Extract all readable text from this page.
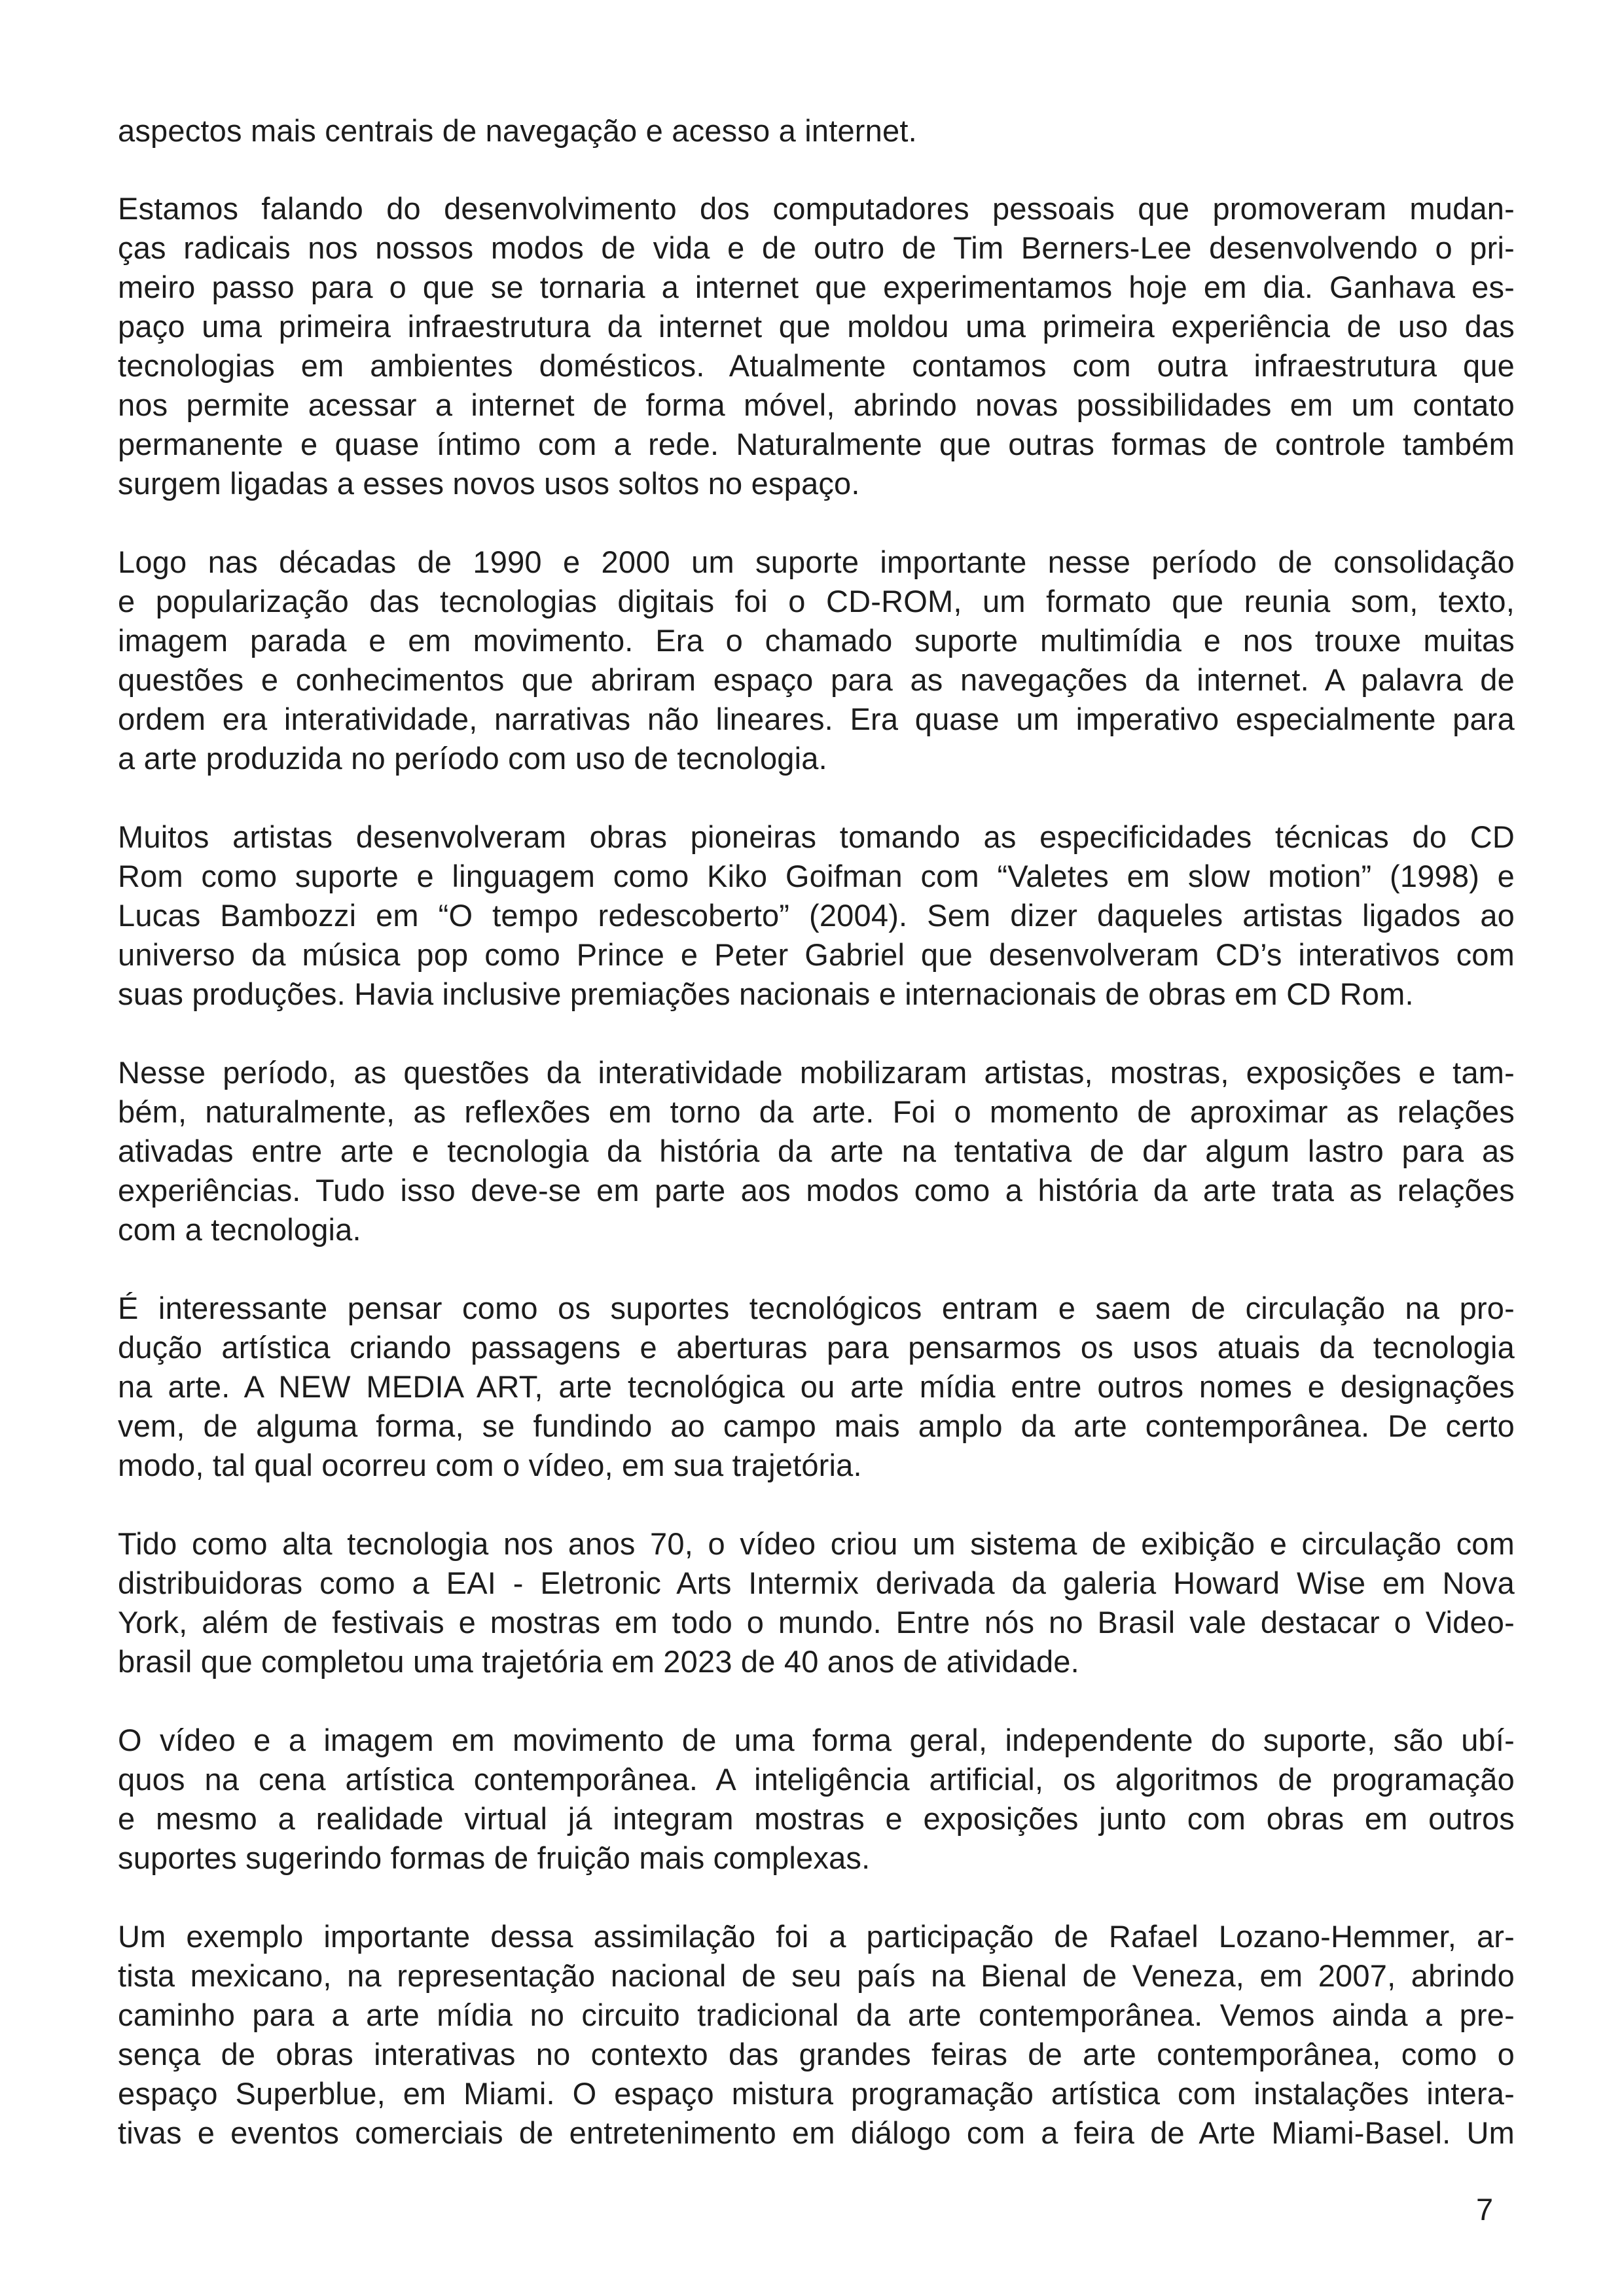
aspectos mais centrais de navegação e acesso a internet.
Estamos falando do desenvolvimento dos computadores pessoais que promoveram mudan-
ças radicais nos nossos modos de vida e de outro de Tim Berners-Lee desenvolvendo o pri-
meiro passo para o que se tornaria a internet que experimentamos hoje em dia. Ganhava es-
paço uma primeira infraestrutura da internet que moldou uma primeira experiência de uso das
tecnologias em ambientes domésticos. Atualmente contamos com outra infraestrutura que
nos permite acessar a internet de forma móvel, abrindo novas possibilidades em um contato
permanente e quase íntimo com a rede. Naturalmente que outras formas de controle também
surgem ligadas a esses novos usos soltos no espaço.
Logo nas décadas de 1990 e 2000 um suporte importante nesse período de consolidação
e popularização das tecnologias digitais foi o CD-ROM, um formato que reunia som, texto,
imagem parada e em movimento. Era o chamado suporte multimídia e nos trouxe muitas
questões e conhecimentos que abriram espaço para as navegações da internet. A palavra de
ordem era interatividade, narrativas não lineares. Era quase um imperativo especialmente para
a arte produzida no período com uso de tecnologia.
Muitos artistas desenvolveram obras pioneiras tomando as especificidades técnicas do CD
Rom como suporte e linguagem como Kiko Goifman com “Valetes em slow motion” (1998) e
Lucas Bambozzi em “O tempo redescoberto” (2004). Sem dizer daqueles artistas ligados ao
universo da música pop como Prince e Peter Gabriel que desenvolveram CD’s interativos com
suas produções. Havia inclusive premiações nacionais e internacionais de obras em CD Rom.
Nesse período, as questões da interatividade mobilizaram artistas, mostras, exposições e tam-
bém, naturalmente, as reflexões em torno da arte. Foi o momento de aproximar as relações
ativadas entre arte e tecnologia da história da arte na tentativa de dar algum lastro para as
experiências. Tudo isso deve-se em parte aos modos como a história da arte trata as relações
com a tecnologia.
É interessante pensar como os suportes tecnológicos entram e saem de circulação na pro-
dução artística criando passagens e aberturas para pensarmos os usos atuais da tecnologia
na arte. A NEW MEDIA ART, arte tecnológica ou arte mídia entre outros nomes e designações
vem, de alguma forma, se fundindo ao campo mais amplo da arte contemporânea. De certo
modo, tal qual ocorreu com o vídeo, em sua trajetória.
Tido como alta tecnologia nos anos 70, o vídeo criou um sistema de exibição e circulação com
distribuidoras como a EAI - Eletronic Arts Intermix derivada da galeria Howard Wise em Nova
York, além de festivais e mostras em todo o mundo. Entre nós no Brasil vale destacar o Video-
brasil que completou uma trajetória em 2023 de 40 anos de atividade.
O vídeo e a imagem em movimento de uma forma geral, independente do suporte, são ubí-
quos na cena artística contemporânea. A inteligência artificial, os algoritmos de programação
e mesmo a realidade virtual já integram mostras e exposições junto com obras em outros
suportes sugerindo formas de fruição mais complexas.
Um exemplo importante dessa assimilação foi a participação de Rafael Lozano-Hemmer, ar-
tista mexicano, na representação nacional de seu país na Bienal de Veneza, em 2007, abrindo
caminho para a arte mídia no circuito tradicional da arte contemporânea. Vemos ainda a pre-
sença de obras interativas no contexto das grandes feiras de arte contemporânea, como o
espaço Superblue, em Miami. O espaço mistura programação artística com instalações intera-
tivas e eventos comerciais de entretenimento em diálogo com a feira de Arte Miami-Basel. Um
7
